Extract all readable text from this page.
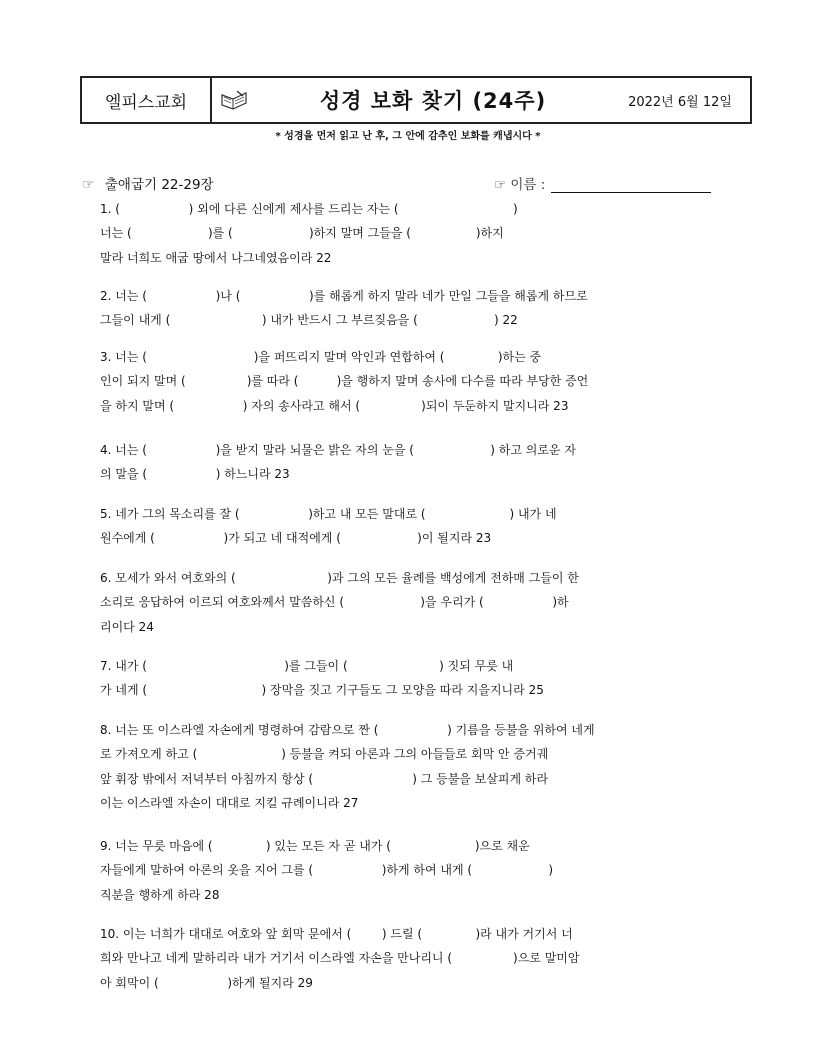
엘피스교회	성경 보화 찾기 (24주)	2022년 6월 12일
* 성경을 먼저 읽고 난 후, 그 안에 감추인 보화를 캐냅시다 *
☞ 출애굽기 22-29장	☞ 이름 :
1. (                  ) 외에 다른 신에게 제사를 드리는 자는 (                              )
너는 (                    )를 (                    )하지 말며 그들을 (                 )하지
말라 너희도 애굽 땅에서 나그네였음이라 22
2. 너는 (                  )나 (                  )를 해롭게 하지 말라 네가 만일 그들을 해롭게 하므로
그들이 내게 (                        ) 내가 반드시 그 부르짖음을 (                    ) 22
3. 너는 (                            )을 퍼뜨리지 말며 악인과 연합하여 (              )하는 중
인이 되지 말며 (                )를 따라 (          )을 행하지 말며 송사에 다수를 따라 부당한 증언
을 하지 말며 (                  ) 자의 송사라고 해서 (                )되이 두둔하지 말지니라 23
4. 너는 (                  )을 받지 말라 뇌물은 밝은 자의 눈을 (                    ) 하고 의로운 자
의 말을 (                  ) 하느니라 23
5. 네가 그의 목소리를 잘 (                  )하고 내 모든 말대로 (                      ) 내가 네
원수에게 (                  )가 되고 네 대적에게 (                    )이 될지라 23
6. 모세가 와서 여호와의 (                        )과 그의 모든 율례를 백성에게 전하매 그들이 한
소리로 응답하여 이르되 여호와께서 말씀하신 (                    )을 우리가 (                  )하
리이다 24
7. 내가 (                                    )를 그들이 (                        ) 짓되 무릇 내
가 네게 (                              ) 장막을 짓고 기구들도 그 모양을 따라 지을지니라 25
8. 너는 또 이스라엘 자손에게 명령하여 감람으로 짠 (                  ) 기름을 등불을 위하여 네게
로 가져오게 하고 (                      ) 등불을 켜되 아론과 그의 아들들로 회막 안 증거궤
앞 휘장 밖에서 저녁부터 아침까지 항상 (                          ) 그 등불을 보살피게 하라
이는 이스라엘 자손이 대대로 지킬 규례이니라 27
9. 너는 무릇 마음에 (              ) 있는 모든 자 곧 내가 (                      )으로 채운
자들에게 말하여 아론의 옷을 지어 그를 (                  )하게 하여 내게 (                    )
직분을 행하게 하라 28
10. 이는 너희가 대대로 여호와 앞 회막 문에서 (        ) 드릴 (              )라 내가 거기서 너
희와 만나고 네게 말하리라 내가 거기서 이스라엘 자손을 만나리니 (                )으로 말미암
아 회막이 (                  )하게 될지라 29
